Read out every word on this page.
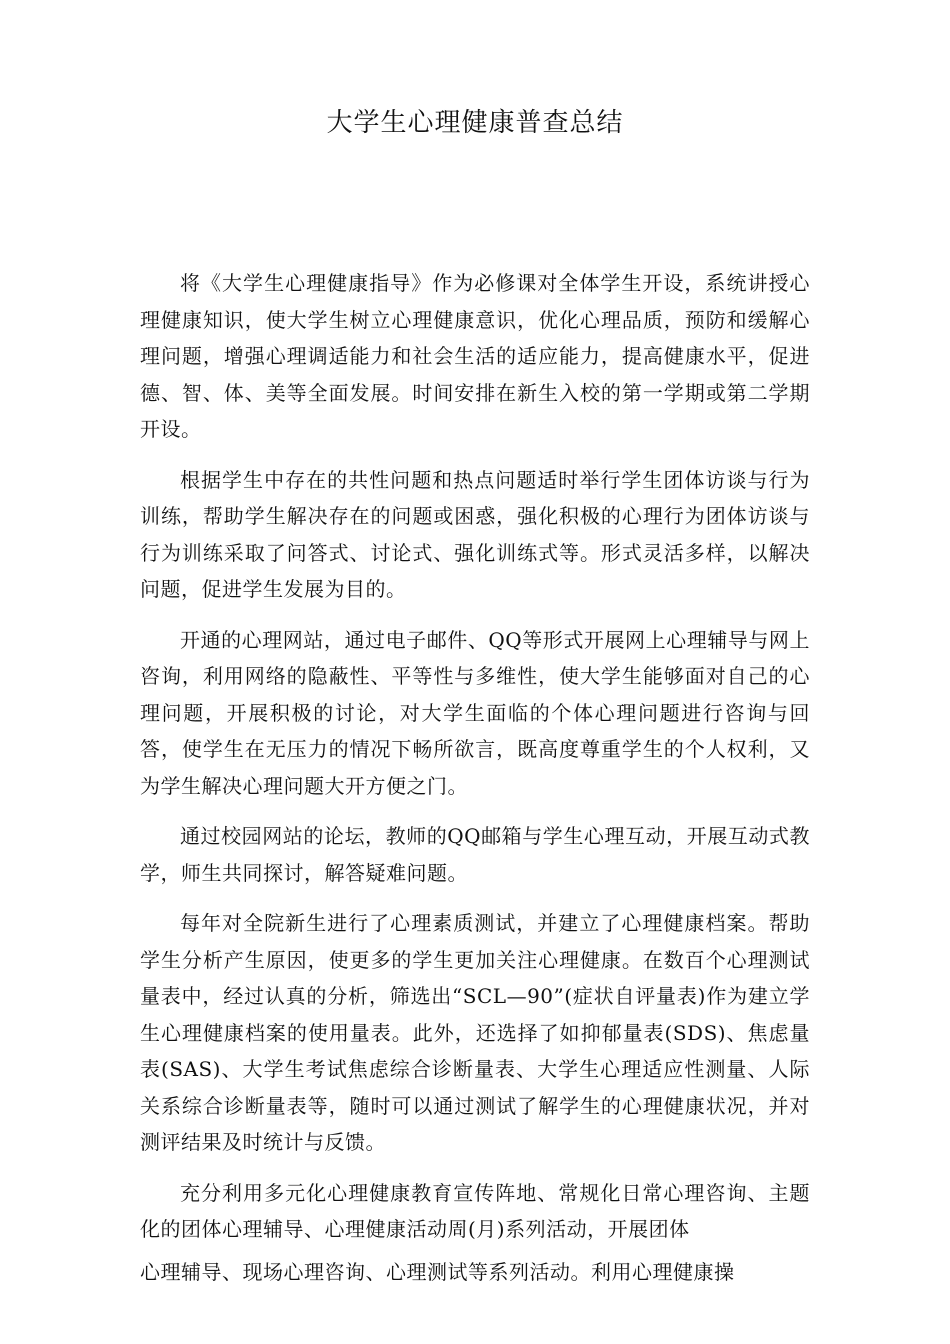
大学生心理健康普查总结

将《大学生心理健康指导》作为必修课对全体学生开设，系统讲授心理健康知识，使大学生树立心理健康意识，优化心理品质，预防和缓解心理问题，增强心理调适能力和社会生活的适应能力，提高健康水平，促进德、智、体、美等全面发展。时间安排在新生入校的第一学期或第二学期开设。

根据学生中存在的共性问题和热点问题适时举行学生团体访谈与行为训练，帮助学生解决存在的问题或困惑，强化积极的心理行为团体访谈与行为训练采取了问答式、讨论式、强化训练式等。形式灵活多样，以解决问题，促进学生发展为目的。

开通的心理网站，通过电子邮件、QQ等形式开展网上心理辅导与网上咨询，利用网络的隐蔽性、平等性与多维性，使大学生能够面对自己的心理问题，开展积极的讨论，对大学生面临的个体心理问题进行咨询与回答，使学生在无压力的情况下畅所欲言，既高度尊重学生的个人权利，又为学生解决心理问题大开方便之门。

通过校园网站的论坛，教师的QQ邮箱与学生心理互动，开展互动式教学，师生共同探讨，解答疑难问题。

每年对全院新生进行了心理素质测试，并建立了心理健康档案。帮助学生分析产生原因，使更多的学生更加关注心理健康。在数百个心理测试量表中，经过认真的分析，筛选出“SCL—90”(症状自评量表)作为建立学生心理健康档案的使用量表。此外，还选择了如抑郁量表(SDS)、焦虑量表(SAS)、大学生考试焦虑综合诊断量表、大学生心理适应性测量、人际关系综合诊断量表等，随时可以通过测试了解学生的心理健康状况，并对测评结果及时统计与反馈。

充分利用多元化心理健康教育宣传阵地、常规化日常心理咨询、主题化的团体心理辅导、心理健康活动周(月)系列活动，开展团体

心理辅导、现场心理咨询、心理测试等系列活动。利用心理健康操
